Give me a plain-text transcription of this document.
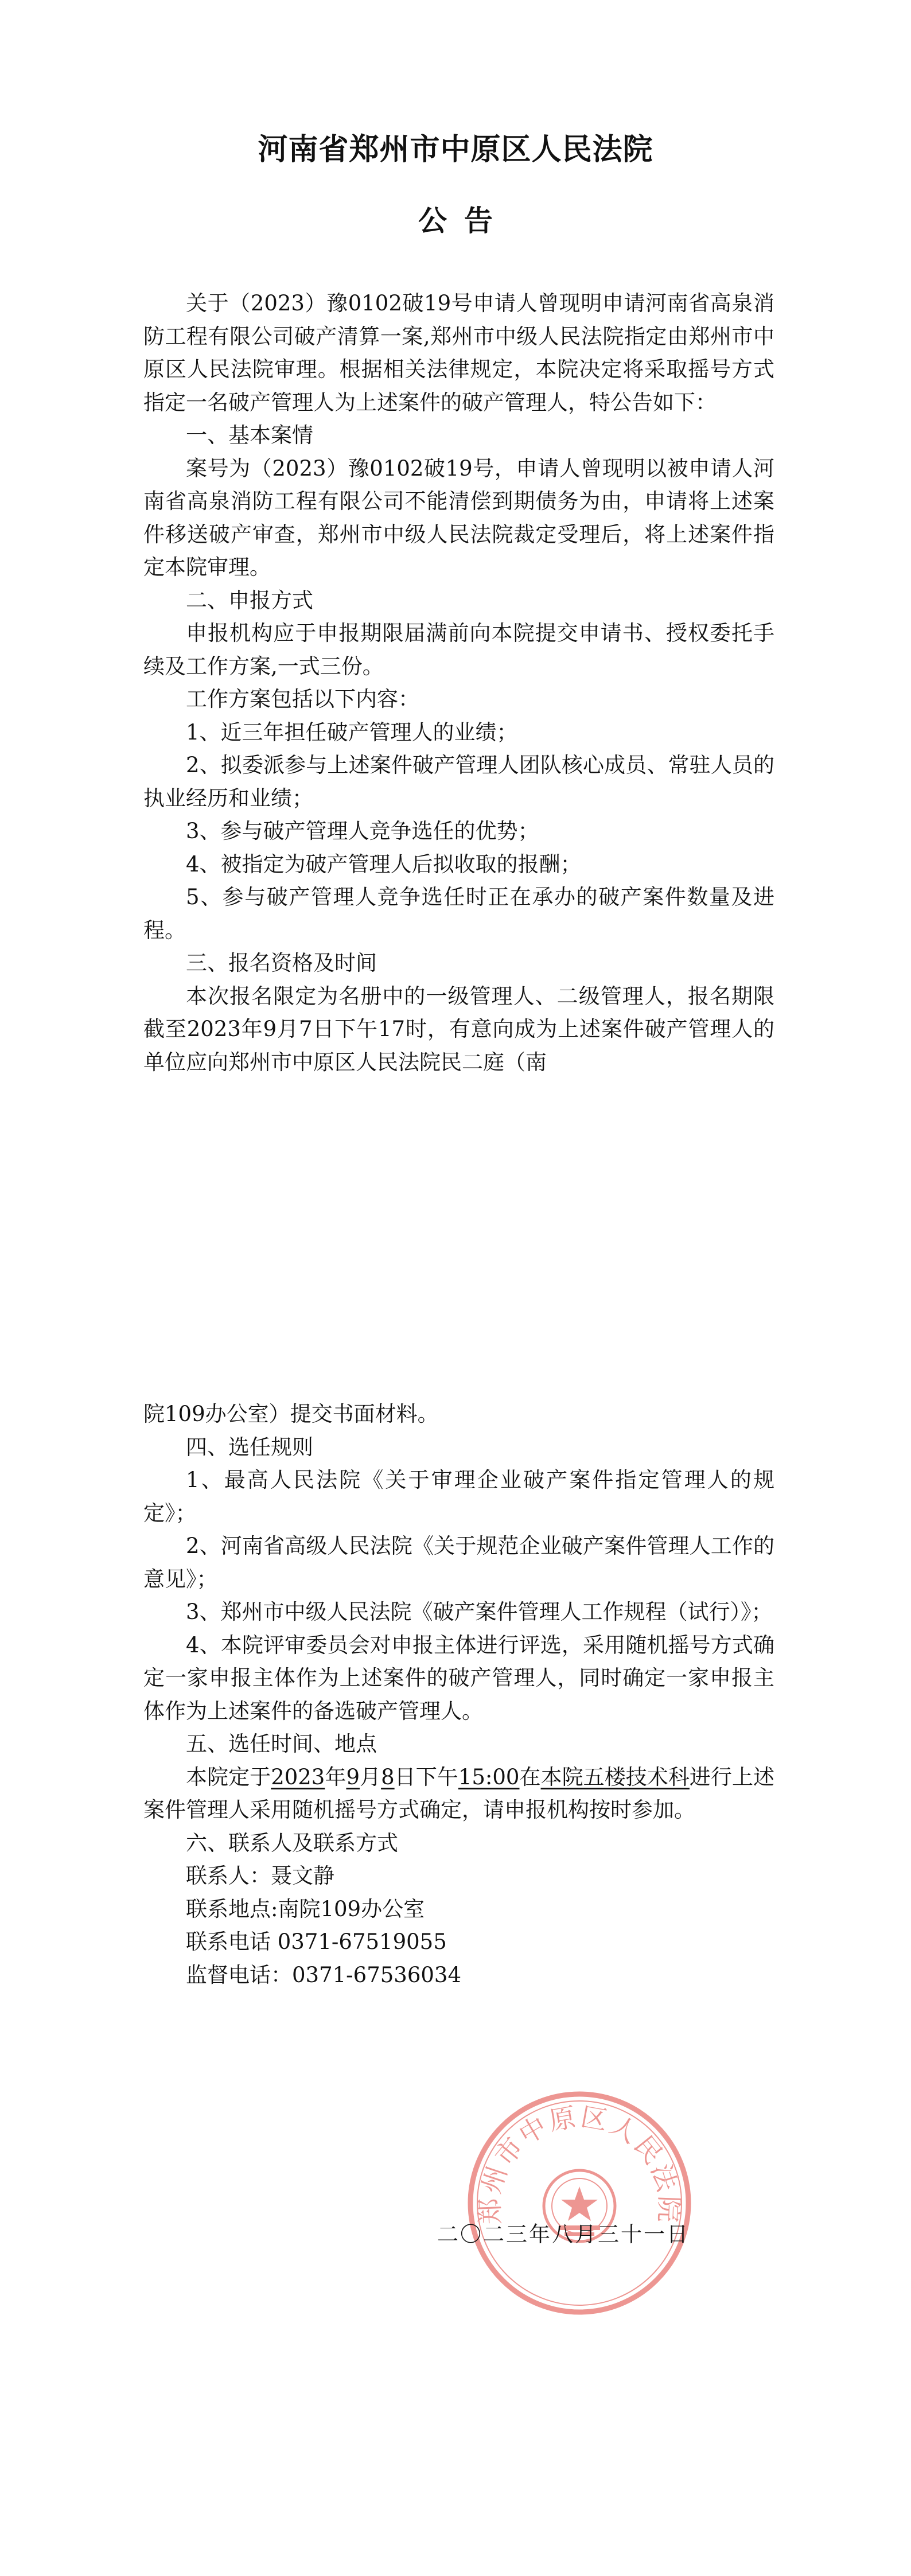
河南省郑州市中原区人民法院
公告

关于（2023）豫0102破19号申请人曾现明申请河南省高泉消防工程有限公司破产清算一案,郑州市中级人民法院指定由郑州市中原区人民法院审理。根据相关法律规定，本院决定将采取摇号方式指定一名破产管理人为上述案件的破产管理人，特公告如下：

一、基本案情

案号为（2023）豫0102破19号，申请人曾现明以被申请人河南省高泉消防工程有限公司不能清偿到期债务为由，申请将上述案件移送破产审查，郑州市中级人民法院裁定受理后，将上述案件指定本院审理。

二、申报方式

申报机构应于申报期限届满前向本院提交申请书、授权委托手续及工作方案,一式三份。

工作方案包括以下内容：

1、近三年担任破产管理人的业绩；

2、拟委派参与上述案件破产管理人团队核心成员、常驻人员的执业经历和业绩；

3、参与破产管理人竞争选任的优势；

4、被指定为破产管理人后拟收取的报酬；

5、参与破产管理人竞争选任时正在承办的破产案件数量及进程。

三、报名资格及时间

本次报名限定为名册中的一级管理人、二级管理人，报名期限截至2023年9月7日下午17时，有意向成为上述案件破产管理人的单位应向郑州市中原区人民法院民二庭（南

院109办公室）提交书面材料。

四、选任规则

1、最高人民法院《关于审理企业破产案件指定管理人的规定》；

2、河南省高级人民法院《关于规范企业破产案件管理人工作的意见》；

3、郑州市中级人民法院《破产案件管理人工作规程（试行）》；

4、本院评审委员会对申报主体进行评选，采用随机摇号方式确定一家申报主体作为上述案件的破产管理人，同时确定一家申报主体作为上述案件的备选破产管理人。

五、选任时间、地点

本院定于2023年9月8日下午15:00在本院五楼技术科进行上述案件管理人采用随机摇号方式确定，请申报机构按时参加。

六、联系人及联系方式

联系人：聂文静

联系地点:南院109办公室

联系电话 0371-67519055

监督电话：0371-67536034

郑州市中原区人民法院
二〇二三年八月三十一日
